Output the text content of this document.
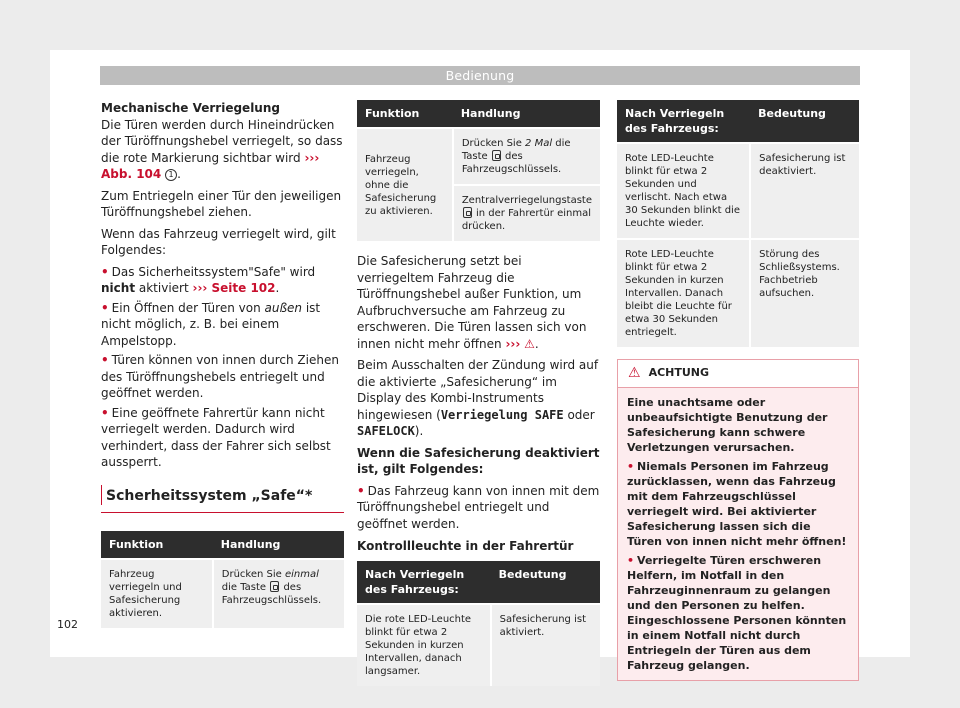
Bedienung
Mechanische Verriegelung

Die Türen werden durch Hineindrücken der Türöffnungshebel verriegelt, so dass die rote Markierung sichtbar wird ››› Abb. 104 1 .

Zum Entriegeln einer Tür den jeweiligen Türöffnungshebel ziehen.

Wenn das Fahrzeug verriegelt wird, gilt Folgendes:

• Das Sicherheitssystem"Safe" wird nicht aktiviert ››› Seite 102.

• Ein Öffnen der Türen von außen ist nicht möglich, z. B. bei einem Ampelstopp.

• Türen können von innen durch Ziehen des Türöffnungshebels entriegelt und geöffnet werden.

• Eine geöffnete Fahrertür kann nicht verriegelt werden. Dadurch wird verhindert, dass der Fahrer sich selbst aussperrt.

Scherheitssystem „Safe“*
Funktion	Handlung
Fahrzeug verriegeln und Safesicherung aktivieren.	Drücken Sie einmal die Taste  des Fahrzeugschlüssels.
Funktion	Handlung
Fahrzeug verriegeln, ohne die Safesicherung zu aktivieren.	Drücken Sie 2 Mal die Taste  des Fahrzeugschlüssels.
	Zentralverriegelungstaste  in der Fahrertür einmal drücken.

Die Safesicherung setzt bei verriegeltem Fahrzeug die Türöffnungshebel außer Funktion, um Aufbruchversuche am Fahrzeug zu erschweren. Die Türen lassen sich von innen nicht mehr öffnen ››› ⚠.

Beim Ausschalten der Zündung wird auf die aktivierte „Safesicherung“ im Display des Kombi-Instruments hingewiesen (Verriegelung SAFE oder SAFELOCK).

Wenn die Safesicherung deaktiviert ist, gilt Folgendes:

• Das Fahrzeug kann von innen mit dem Türöffnungshebel entriegelt und geöffnet werden.

Kontrollleuchte in der Fahrertür

Nach Verriegeln des Fahrzeugs:	Bedeutung
Die rote LED-Leuchte blinkt für etwa 2 Sekunden in kurzen Intervallen, danach langsamer.	Safesicherung ist aktiviert.
Nach Verriegeln des Fahrzeugs:	Bedeutung
Rote LED-Leuchte blinkt für etwa 2 Sekunden und verlischt. Nach etwa 30 Sekunden blinkt die Leuchte wieder.	Safesicherung ist deaktiviert.
Rote LED-Leuchte blinkt für etwa 2 Sekunden in kurzen Intervallen. Danach bleibt die Leuchte für etwa 30 Sekunden entriegelt.	Störung des Schließsystems. Fachbetrieb aufsuchen.
⚠ ACHTUNG
Eine unachtsame oder unbeaufsichtigte Benutzung der Safesicherung kann schwere Verletzungen verursachen.
• Niemals Personen im Fahrzeug zurücklassen, wenn das Fahrzeug mit dem Fahrzeugschlüssel verriegelt wird. Bei aktivierter Safesicherung lassen sich die Türen von innen nicht mehr öffnen!
• Verriegelte Türen erschweren Helfern, im Notfall in den Fahrzeuginnenraum zu gelangen und den Personen zu helfen. Eingeschlossene Personen könnten in einem Notfall nicht durch Entriegeln der Türen aus dem Fahrzeug gelangen.
102
